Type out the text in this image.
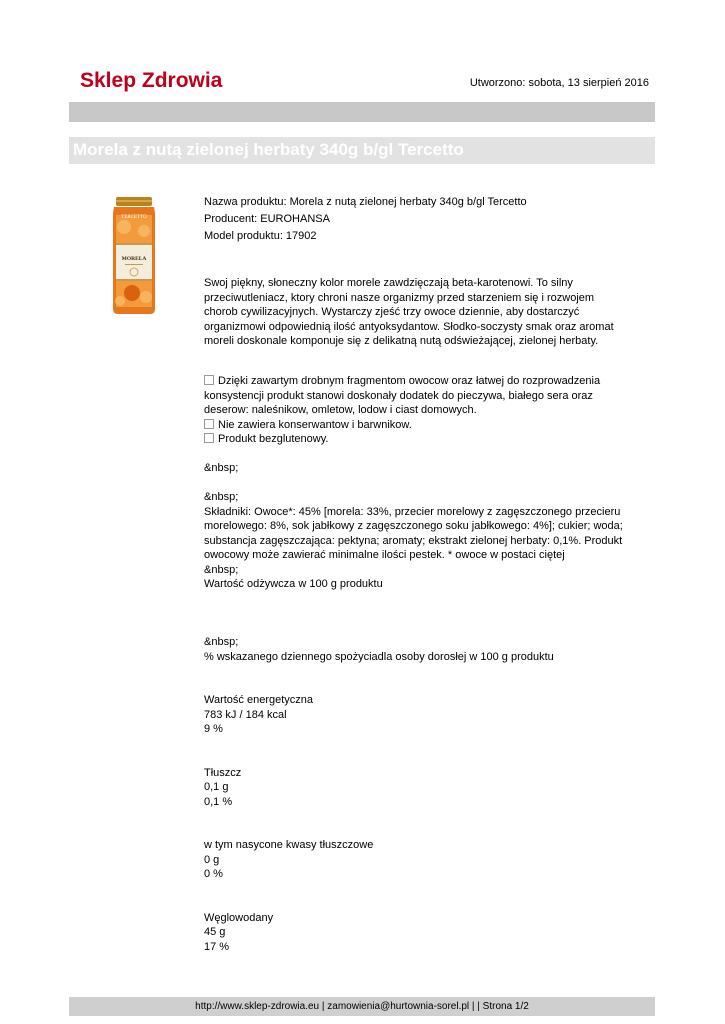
Sklep Zdrowia	Utworzono: sobota, 13 sierpień 2016
Morela z nutą zielonej herbaty 340g b/gl Tercetto
TERCETTO
MORELA
Nazwa produktu: Morela z nutą zielonej herbaty 340g b/gl Tercetto
Producent: EUROHANSA
Model produktu: 17902
Swoj piękny, słoneczny kolor morele zawdzięczają beta-karotenowi. To silny przeciwutleniacz, ktory chroni nasze organizmy przed starzeniem się i rozwojem chorob cywilizacyjnych. Wystarczy zjeść trzy owoce dziennie, aby dostarczyć organizmowi odpowiednią ilość antyoksydantow. Słodko-soczysty smak oraz aromat moreli doskonale komponuje się z delikatną nutą odświeżającej, zielonej herbaty.
Dzięki zawartym drobnym fragmentom owocow oraz łatwej do rozprowadzenia konsystencji produkt stanowi doskonały dodatek do pieczywa, białego sera oraz deserow: naleśnikow, omletow, lodow i ciast domowych.
Nie zawiera konserwantow i barwnikow.
Produkt bezglutenowy.
&nbsp;
&nbsp;
Składniki: Owoce*: 45% [morela: 33%, przecier morelowy z zagęszczonego przecieru morelowego: 8%, sok jabłkowy z zagęszczonego soku jabłkowego: 4%]; cukier; woda; substancja zagęszczająca: pektyna; aromaty; ekstrakt zielonej herbaty: 0,1%. Produkt owocowy może zawierać minimalne ilości pestek. * owoce w postaci ciętej
&nbsp;
Wartość odżywcza w 100 g produktu
&nbsp;
% wskazanego dziennego spożyciadla osoby dorosłej w 100 g produktu
Wartość energetyczna
783 kJ / 184 kcal
9 %
Tłuszcz
0,1 g
0,1 %
w tym nasycone kwasy tłuszczowe
0 g
0 %
Węglowodany
45 g
17 %
http://www.sklep-zdrowia.eu | zamowienia@hurtownia-sorel.pl | | Strona 1/2
